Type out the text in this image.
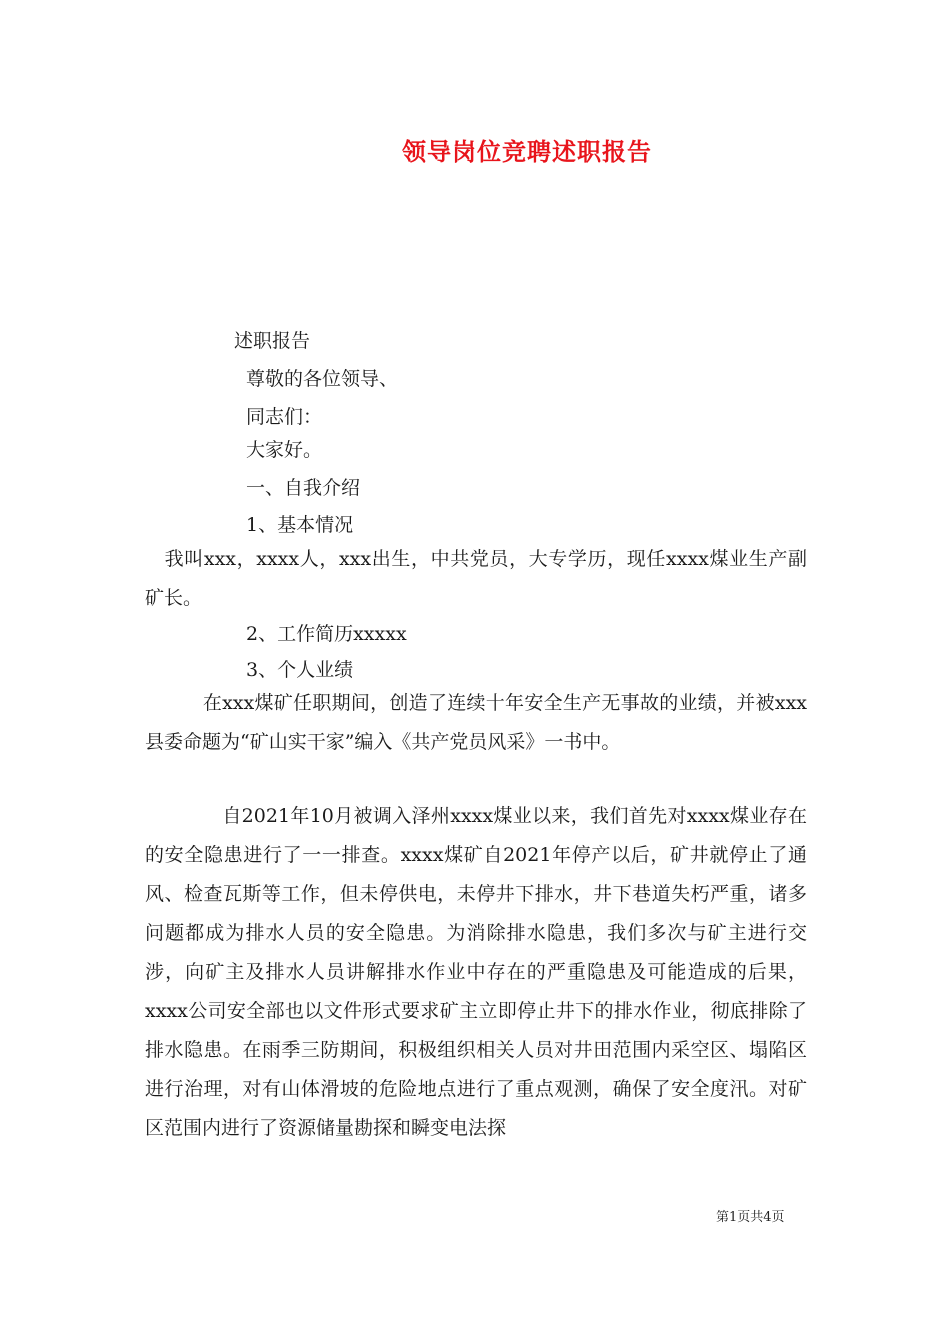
领导岗位竞聘述职报告
述职报告
尊敬的各位领导、
同志们：
大家好。
一、自我介绍
1、基本情况
　我叫xxx，xxxx人，xxx出生，中共党员，大专学历，现任xxxx煤业生产副矿长。
2、工作简历xxxxx
3、个人业绩
　　　在xxx煤矿任职期间，创造了连续十年安全生产无事故的业绩，并被xxx县委命题为“矿山实干家”编入《共产党员风采》一书中。
　　　　自2021年10月被调入泽州xxxx煤业以来，我们首先对xxxx煤业存在的安全隐患进行了一一排查。xxxx煤矿自2021年停产以后，矿井就停止了通风、检查瓦斯等工作，但未停供电，未停井下排水，井下巷道失朽严重，诸多问题都成为排水人员的安全隐患。为消除排水隐患，我们多次与矿主进行交涉，向矿主及排水人员讲解排水作业中存在的严重隐患及可能造成的后果，xxxx公司安全部也以文件形式要求矿主立即停止井下的排水作业，彻底排除了排水隐患。在雨季三防期间，积极组织相关人员对井田范围内采空区、塌陷区进行治理，对有山体滑坡的危险地点进行了重点观测，确保了安全度汛。对矿区范围内进行了资源储量勘探和瞬变电法探
第1页共4页
